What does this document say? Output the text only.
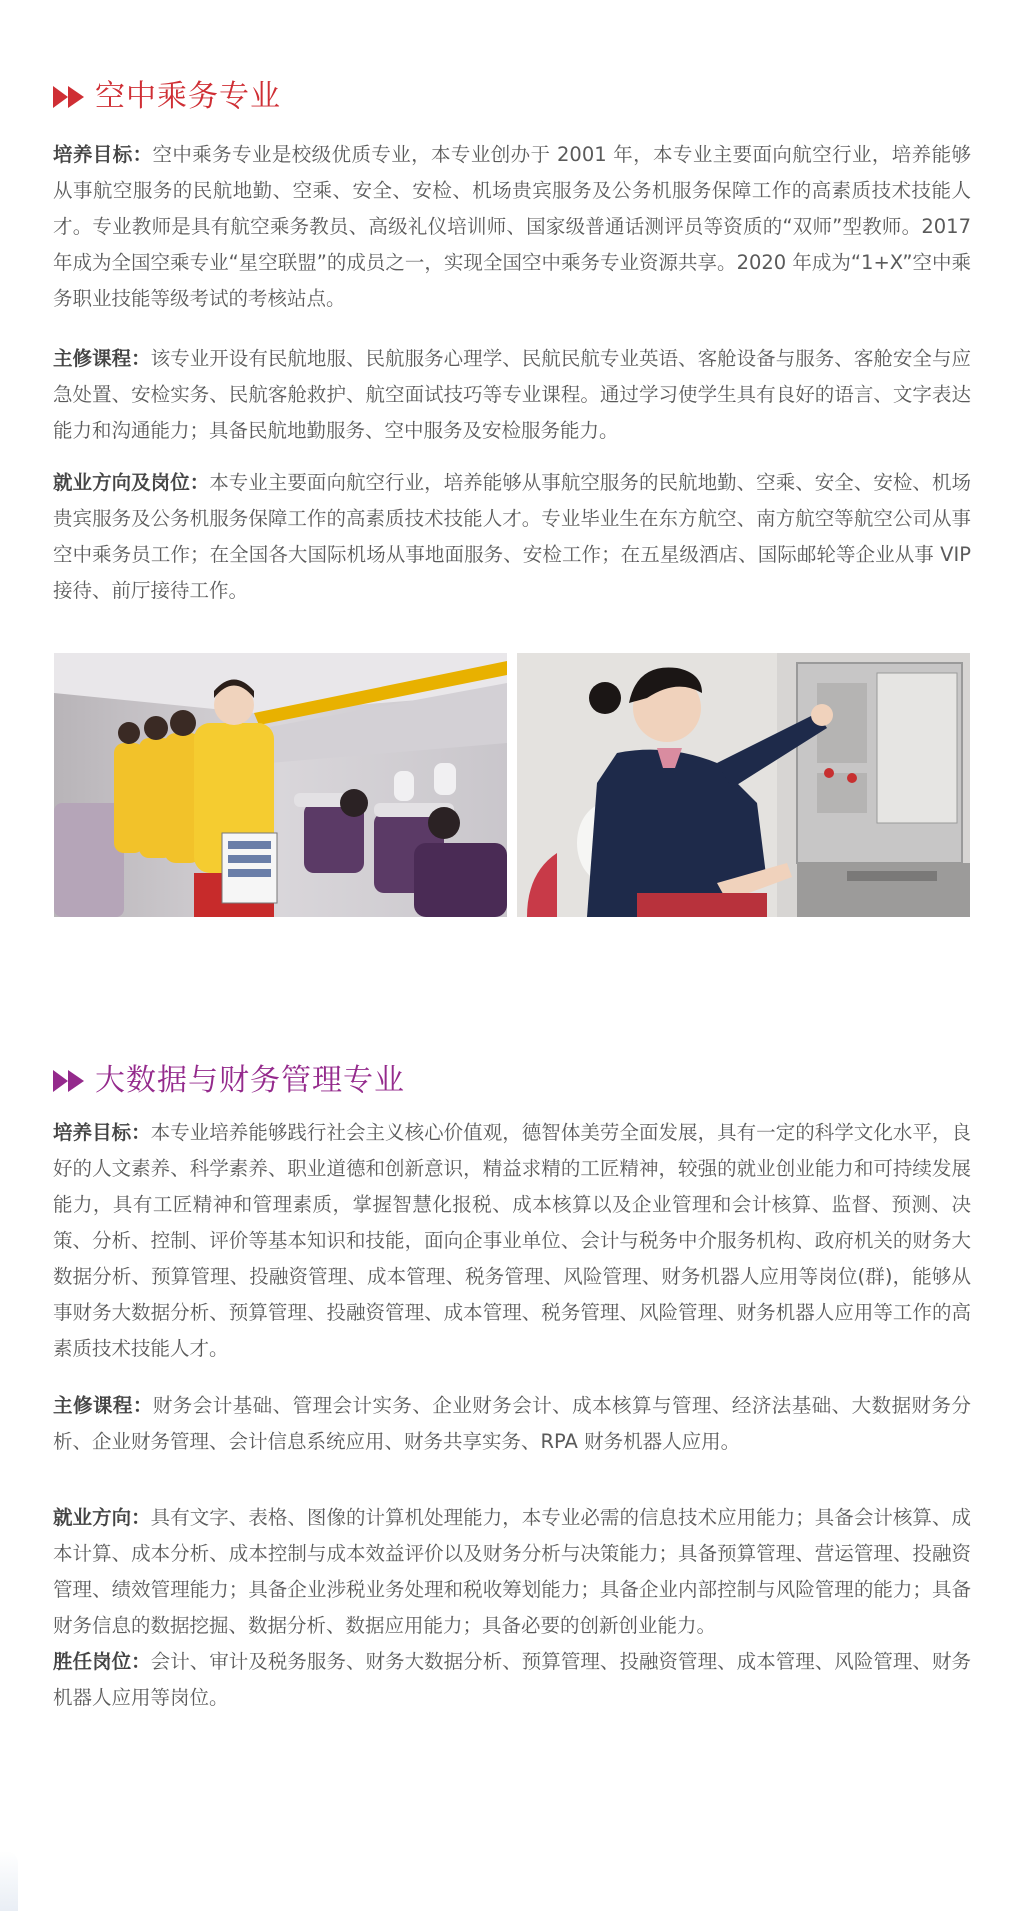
空中乘务专业

培养目标：空中乘务专业是校级优质专业，本专业创办于 2001 年，本专业主要面向航空行业，培养能够从事航空服务的民航地勤、空乘、安全、安检、机场贵宾服务及公务机服务保障工作的高素质技术技能人才。专业教师是具有航空乘务教员、高级礼仪培训师、国家级普通话测评员等资质的“双师”型教师。2017 年成为全国空乘专业“星空联盟”的成员之一，实现全国空中乘务专业资源共享。2020 年成为“1+X”空中乘务职业技能等级考试的考核站点。

主修课程：该专业开设有民航地服、民航服务心理学、民航民航专业英语、客舱设备与服务、客舱安全与应急处置、安检实务、民航客舱救护、航空面试技巧等专业课程。通过学习使学生具有良好的语言、文字表达能力和沟通能力；具备民航地勤服务、空中服务及安检服务能力。

就业方向及岗位：本专业主要面向航空行业，培养能够从事航空服务的民航地勤、空乘、安全、安检、机场贵宾服务及公务机服务保障工作的高素质技术技能人才。专业毕业生在东方航空、南方航空等航空公司从事空中乘务员工作；在全国各大国际机场从事地面服务、安检工作；在五星级酒店、国际邮轮等企业从事 VIP 接待、前厅接待工作。

大数据与财务管理专业

培养目标：本专业培养能够践行社会主义核心价值观，德智体美劳全面发展，具有一定的科学文化水平，良好的人文素养、科学素养、职业道德和创新意识，精益求精的工匠精神，较强的就业创业能力和可持续发展能力，具有工匠精神和管理素质，掌握智慧化报税、成本核算以及企业管理和会计核算、监督、预测、决策、分析、控制、评价等基本知识和技能，面向企事业单位、会计与税务中介服务机构、政府机关的财务大数据分析、预算管理、投融资管理、成本管理、税务管理、风险管理、财务机器人应用等岗位(群)，能够从事财务大数据分析、预算管理、投融资管理、成本管理、税务管理、风险管理、财务机器人应用等工作的高素质技术技能人才。

主修课程：财务会计基础、管理会计实务、企业财务会计、成本核算与管理、经济法基础、大数据财务分析、企业财务管理、会计信息系统应用、财务共享实务、RPA 财务机器人应用。

就业方向：具有文字、表格、图像的计算机处理能力，本专业必需的信息技术应用能力；具备会计核算、成本计算、成本分析、成本控制与成本效益评价以及财务分析与决策能力；具备预算管理、营运管理、投融资管理、绩效管理能力；具备企业涉税业务处理和税收筹划能力；具备企业内部控制与风险管理的能力；具备财务信息的数据挖掘、数据分析、数据应用能力；具备必要的创新创业能力。
胜任岗位：会计、审计及税务服务、财务大数据分析、预算管理、投融资管理、成本管理、风险管理、财务机器人应用等岗位。
